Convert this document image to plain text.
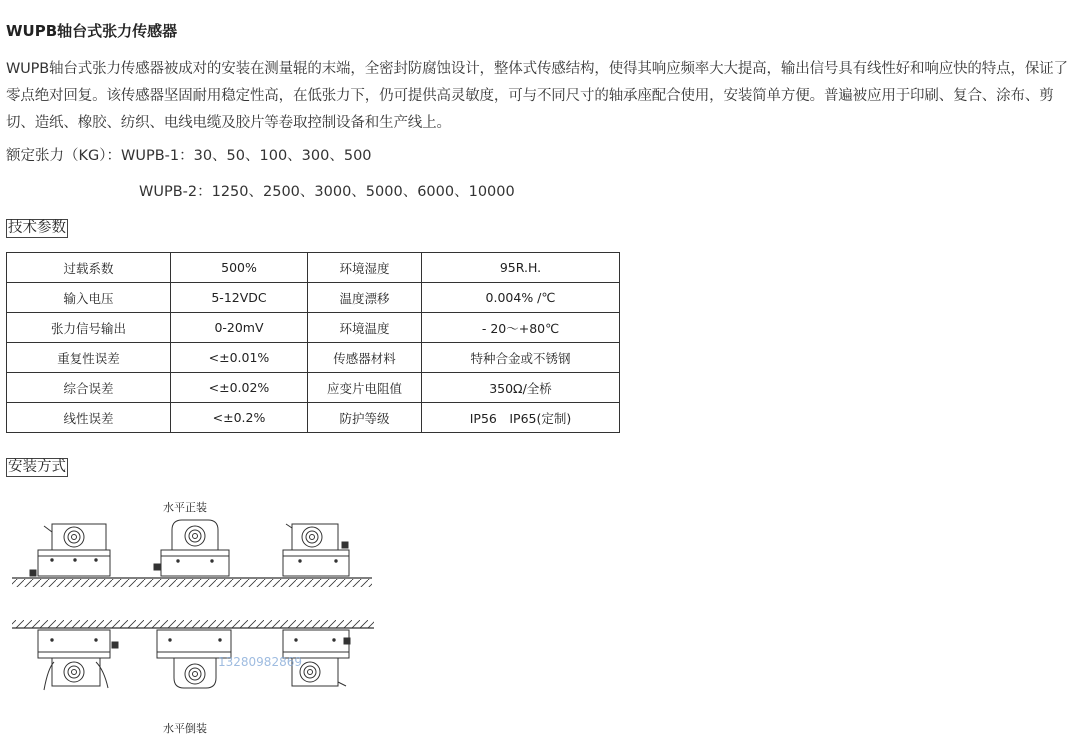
WUPB轴台式张力传感器

WUPB轴台式张力传感器被成对的安装在测量辊的末端，全密封防腐蚀设计，整体式传感结构，使得其响应频率大大提高，输出信号具有线性好和响应快的特点，保证了零点绝对回复。该传感器坚固耐用稳定性高，在低张力下，仍可提供高灵敏度，可与不同尺寸的轴承座配合使用，安装简单方便。普遍被应用于印刷、复合、涂布、剪切、造纸、橡胶、纺织、电线电缆及胶片等卷取控制设备和生产线上。

额定张力（KG）：WUPB-1：30、50、100、300、500
WUPB-2：1250、2500、3000、5000、6000、10000
技术参数
过载系数	500%	环境湿度	95R.H.
输入电压	5-12VDC	温度漂移	0.004% /℃
张力信号输出	0-20mV	环境温度	- 20～+80℃
重复性误差	<±0.01%	传感器材料	特种合金或不锈钢
综合误差	<±0.02%	应变片电阻值	350Ω/全桥
线性误差	<±0.2%	防护等级	IP56　IP65(定制)
安装方式
水平正装
13280982869
水平倒装
